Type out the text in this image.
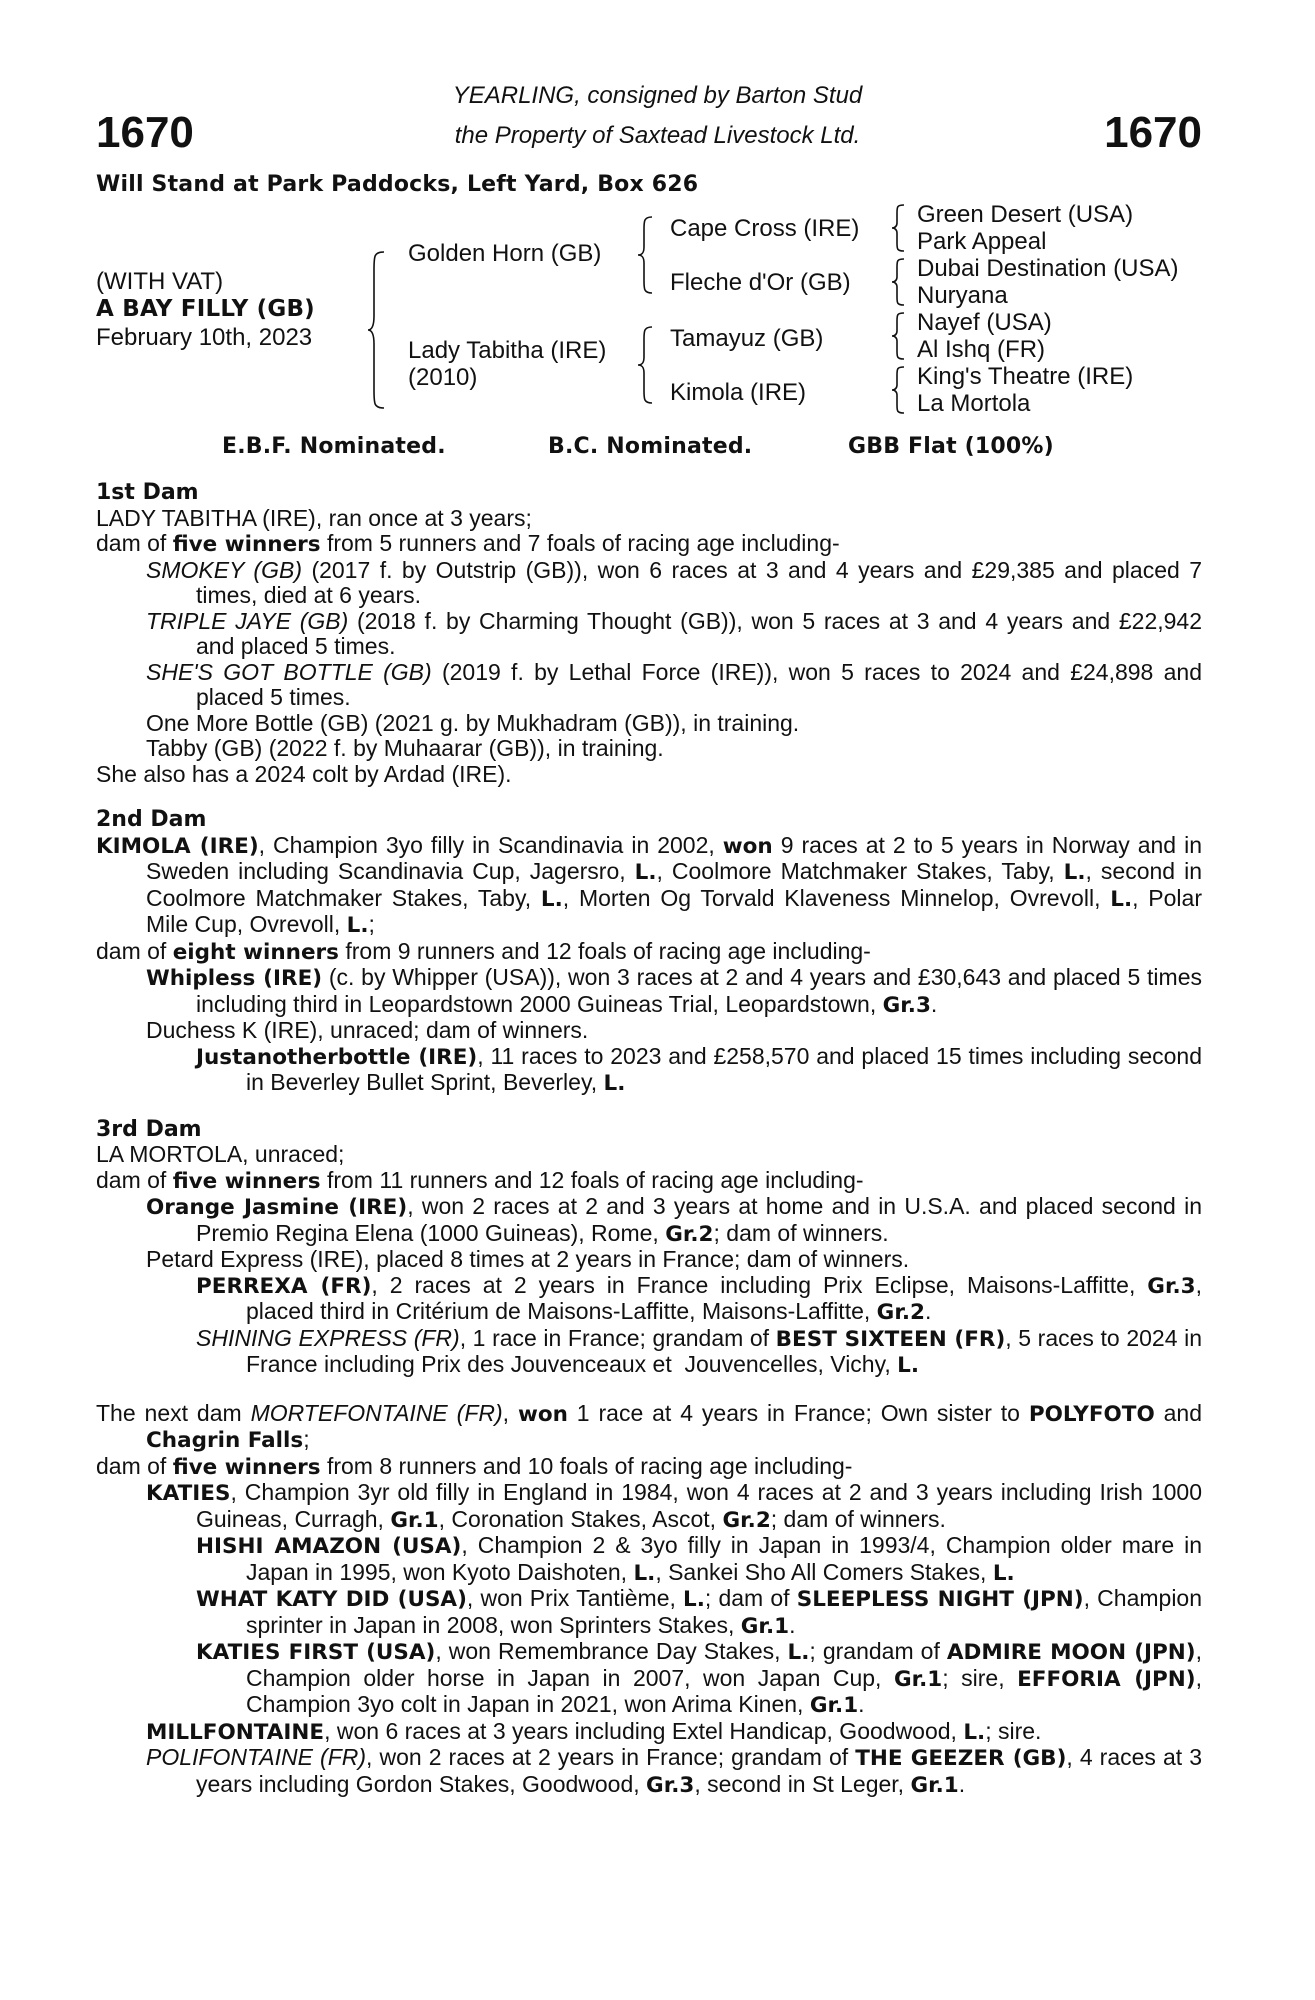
1670	1670
YEARLING, consigned by Barton Stud
the Property of Saxtead Livestock Ltd.
Will Stand at Park Paddocks, Left Yard, Box 626
(WITH VAT)
A BAY FILLY (GB)
February 10th, 2023
Golden Horn (GB)
Lady Tabitha (IRE)
(2010)
Cape Cross (IRE)
Fleche d'Or (GB)
Tamayuz (GB)
Kimola (IRE)
Green Desert (USA)
Park Appeal
Dubai Destination (USA)
Nuryana
Nayef (USA)
Al Ishq (FR)
King's Theatre (IRE)
La Mortola
E.B.F. Nominated.	B.C. Nominated.	GBB Flat (100%)
1st Dam
LADY TABITHA (IRE), ran once at 3 years;
dam of five winners from 5 runners and 7 foals of racing age including-
SMOKEY (GB) (2017 f. by Outstrip (GB)), won 6 races at 3 and 4 years and £29,385 and placed 7 times, died at 6 years.
TRIPLE JAYE (GB) (2018 f. by Charming Thought (GB)), won 5 races at 3 and 4 years and £22,942 and placed 5 times.
SHE'S GOT BOTTLE (GB) (2019 f. by Lethal Force (IRE)), won 5 races to 2024 and £24,898 and placed 5 times.
One More Bottle (GB) (2021 g. by Mukhadram (GB)), in training.
Tabby (GB) (2022 f. by Muhaarar (GB)), in training.
She also has a 2024 colt by Ardad (IRE).
2nd Dam
KIMOLA (IRE), Champion 3yo filly in Scandinavia in 2002, won 9 races at 2 to 5 years in Norway and in Sweden including Scandinavia Cup, Jagersro, L., Coolmore Matchmaker Stakes, Taby, L., second in Coolmore Matchmaker Stakes, Taby, L., Morten Og Torvald Klaveness Minnelop, Ovrevoll, L., Polar Mile Cup, Ovrevoll, L.;
dam of eight winners from 9 runners and 12 foals of racing age including-
Whipless (IRE) (c. by Whipper (USA)), won 3 races at 2 and 4 years and £30,643 and placed 5 times including third in Leopardstown 2000 Guineas Trial, Leopardstown, Gr.3.
Duchess K (IRE), unraced; dam of winners.
Justanotherbottle (IRE), 11 races to 2023 and £258,570 and placed 15 times including second in Beverley Bullet Sprint, Beverley, L.
3rd Dam
LA MORTOLA, unraced;
dam of five winners from 11 runners and 12 foals of racing age including-
Orange Jasmine (IRE), won 2 races at 2 and 3 years at home and in U.S.A. and placed second in Premio Regina Elena (1000 Guineas), Rome, Gr.2; dam of winners.
Petard Express (IRE), placed 8 times at 2 years in France; dam of winners.
PERREXA (FR), 2 races at 2 years in France including Prix Eclipse, Maisons-Laffitte, Gr.3, placed third in Critérium de Maisons-Laffitte, Maisons-Laffitte, Gr.2.
SHINING EXPRESS (FR), 1 race in France; grandam of BEST SIXTEEN (FR), 5 races to 2024 in France including Prix des Jouvenceaux et  Jouvencelles, Vichy, L.
The next dam MORTEFONTAINE (FR), won 1 race at 4 years in France; Own sister to POLYFOTO and Chagrin Falls;
dam of five winners from 8 runners and 10 foals of racing age including-
KATIES, Champion 3yr old filly in England in 1984, won 4 races at 2 and 3 years including Irish 1000 Guineas, Curragh, Gr.1, Coronation Stakes, Ascot, Gr.2; dam of winners.
HISHI AMAZON (USA), Champion 2 & 3yo filly in Japan in 1993/4, Champion older mare in Japan in 1995, won Kyoto Daishoten, L., Sankei Sho All Comers Stakes, L.
WHAT KATY DID (USA), won Prix Tantième, L.; dam of SLEEPLESS NIGHT (JPN), Champion sprinter in Japan in 2008, won Sprinters Stakes, Gr.1.
KATIES FIRST (USA), won Remembrance Day Stakes, L.; grandam of ADMIRE MOON (JPN), Champion older horse in Japan in 2007, won Japan Cup, Gr.1; sire, EFFORIA (JPN), Champion 3yo colt in Japan in 2021, won Arima Kinen, Gr.1.
MILLFONTAINE, won 6 races at 3 years including Extel Handicap, Goodwood, L.; sire.
POLIFONTAINE (FR), won 2 races at 2 years in France; grandam of THE GEEZER (GB), 4 races at 3 years including Gordon Stakes, Goodwood, Gr.3, second in St Leger, Gr.1.
